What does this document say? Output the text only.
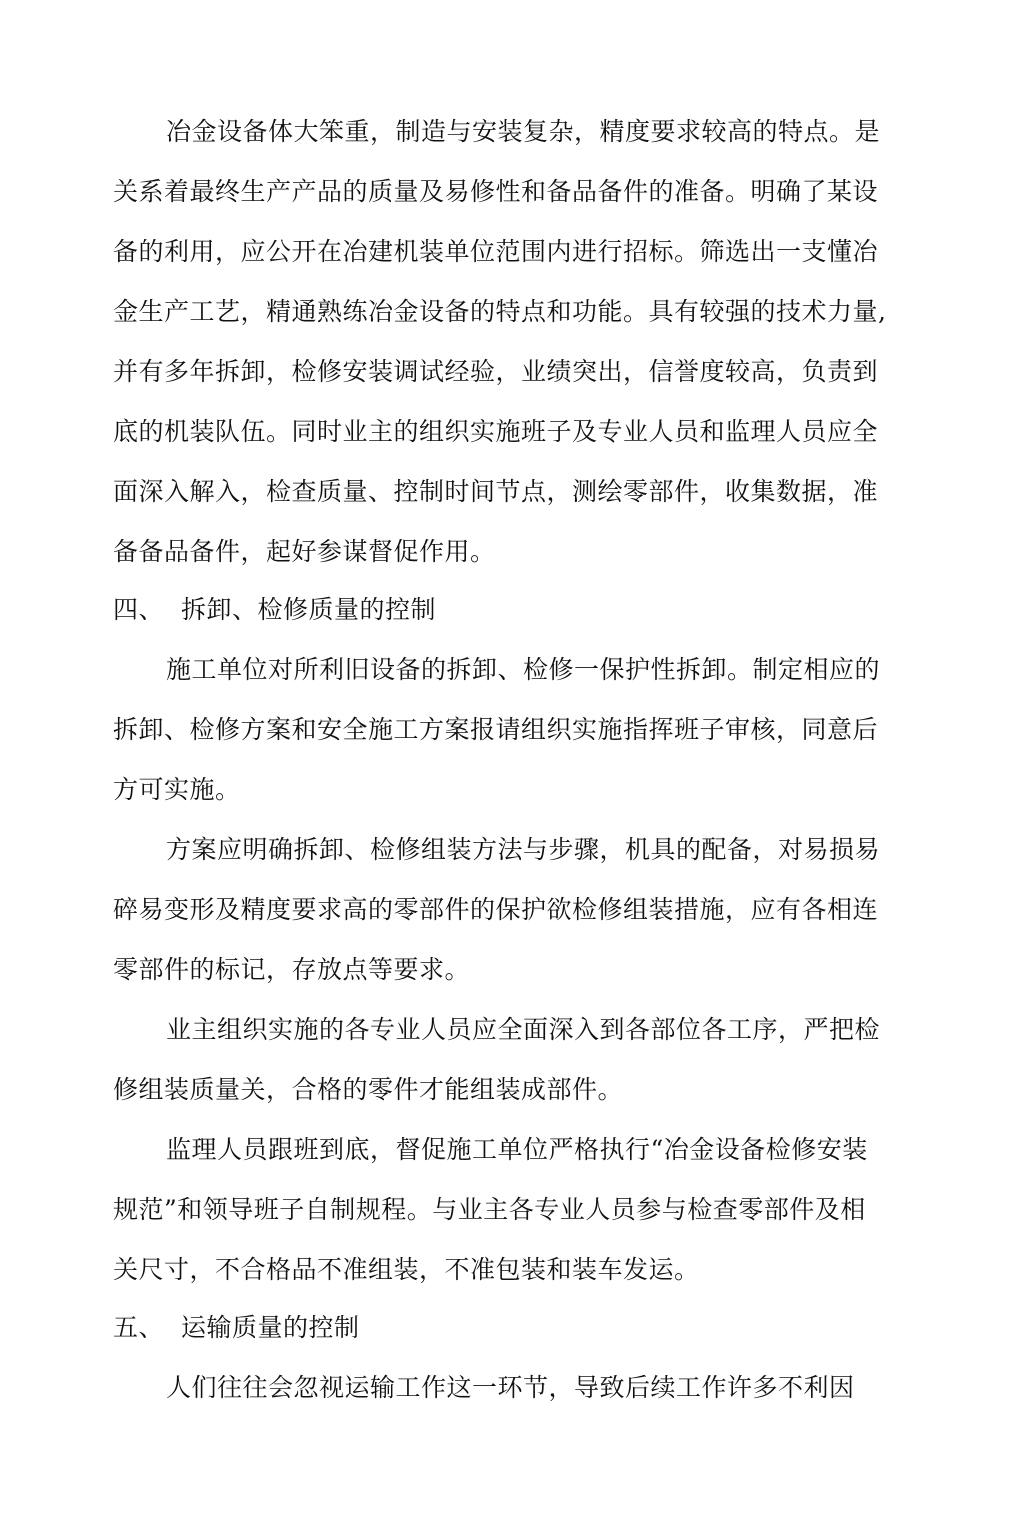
冶金设备体大笨重，制造与安装复杂，精度要求较高的特点。是
关系着最终生产产品的质量及易修性和备品备件的准备。明确了某设
备的利用，应公开在冶建机装单位范围内进行招标。筛选出一支懂冶
金生产工艺，精通熟练冶金设备的特点和功能。具有较强的技术力量,
并有多年拆卸，检修安装调试经验，业绩突出，信誉度较高，负责到
底的机装队伍。同时业主的组织实施班子及专业人员和监理人员应全
面深入解入，检查质量、控制时间节点，测绘零部件，收集数据，准
备备品备件，起好参谋督促作用。
四、 拆卸、检修质量的控制
施工单位对所利旧设备的拆卸、检修一保护性拆卸。制定相应的
拆卸、检修方案和安全施工方案报请组织实施指挥班子审核，同意后
方可实施。
方案应明确拆卸、检修组装方法与步骤，机具的配备，对易损易
碎易变形及精度要求高的零部件的保护欲检修组装措施，应有各相连
零部件的标记，存放点等要求。
业主组织实施的各专业人员应全面深入到各部位各工序，严把检
修组装质量关，合格的零件才能组装成部件。
监理人员跟班到底，督促施工单位严格执行“冶金设备检修安装
规范”和领导班子自制规程。与业主各专业人员参与检查零部件及相
关尺寸，不合格品不准组装，不准包装和装车发运。
五、 运输质量的控制
人们往往会忽视运输工作这一环节，导致后续工作许多不利因
